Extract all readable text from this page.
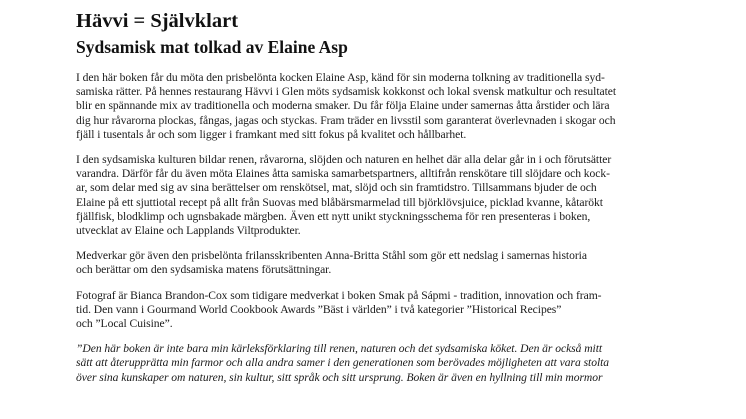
Hävvi = Självklart
Sydsamisk mat tolkad av Elaine Asp

I den här boken får du möta den prisbelönta kocken Elaine Asp, känd för sin moderna tolkning av traditionella syd-
samiska rätter. På hennes restaurang Hävvi i Glen möts sydsamisk kokkonst och lokal svensk matkultur och resultatet
blir en spännande mix av traditionella och moderna smaker. Du får följa Elaine under samernas åtta årstider och lära
dig hur råvarorna plockas, fångas, jagas och styckas. Fram träder en livsstil som garanterat överlevnaden i skogar och
fjäll i tusentals år och som ligger i framkant med sitt fokus på kvalitet och hållbarhet.

I den sydsamiska kulturen bildar renen, råvarorna, slöjden och naturen en helhet där alla delar går in i och förutsätter
varandra. Därför får du även möta Elaines åtta samiska samarbetspartners, alltifrån renskötare till slöjdare och kock-
ar, som delar med sig av sina berättelser om renskötsel, mat, slöjd och sin framtidstro. Tillsammans bjuder de och
Elaine på ett sjuttiotal recept på allt från Suovas med blåbärsmarmelad till björklövsjuice, picklad kvanne, kåtarökt
fjällfisk, blodklimp och ugnsbakade märgben. Även ett nytt unikt styckningsschema för ren presenteras i boken,
utvecklat av Elaine och Lapplands Viltprodukter.

Medverkar gör även den prisbelönta frilansskribenten Anna-Britta Ståhl som gör ett nedslag i samernas historia
och berättar om den sydsamiska matens förutsättningar.

Fotograf är Bianca Brandon-Cox som tidigare medverkat i boken Smak på Sápmi - tradition, innovation och fram-
tid. Den vann i Gourmand World Cookbook Awards ”Bäst i världen” i två kategorier ”Historical Recipes”
och ”Local Cuisine”.

”Den här boken är inte bara min kärleksförklaring till renen, naturen och det sydsamiska köket. Den är också mitt
sätt att återupprätta min farmor och alla andra samer i den generationen som berövades möjligheten att vara stolta
över sina kunskaper om naturen, sin kultur, sitt språk och sitt ursprung. Boken är även en hyllning till min mormor
